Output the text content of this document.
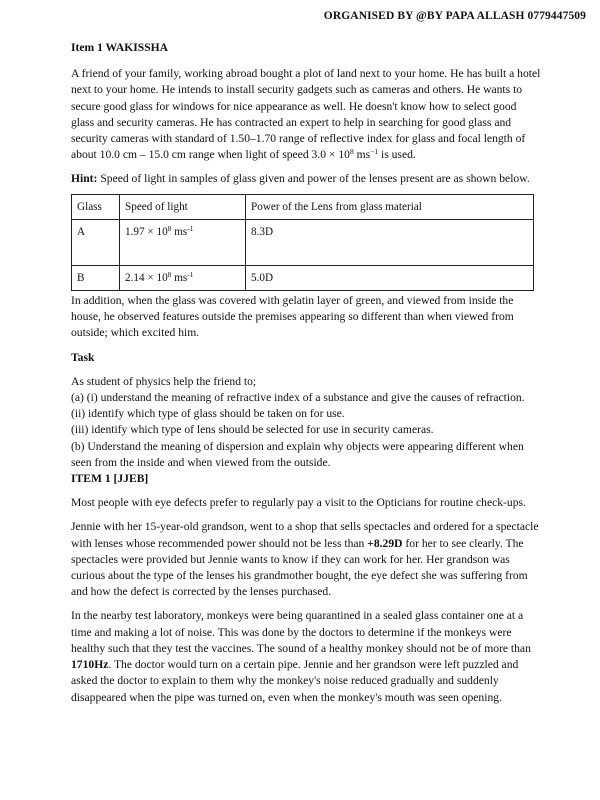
ORGANISED BY @BY PAPA ALLASH 0779447509
Item 1 WAKISSHA

A friend of your family, working abroad bought a plot of land next to your home. He has built a hotel next to your home. He intends to install security gadgets such as cameras and others. He wants to secure good glass for windows for nice appearance as well. He doesn't know how to select good glass and security cameras. He has contracted an expert to help in searching for good glass and security cameras with standard of 1.50–1.70 range of reflective index for glass and focal length of about 10.0 cm – 15.0 cm range when light of speed $3.0 \times 10^8$ $ms^{-1}$ is used.

Hint: Speed of light in samples of glass given and power of the lenses present are as shown below.

Glass	Speed of light	Power of the Lens from glass material
A	$1.97 \times 10^8$ $ms^{-1}$	8.3D
B	$2.14 \times 10^8$ $ms^{-1}$	5.0D

In addition, when the glass was covered with gelatin layer of green, and viewed from inside the house, he observed features outside the premises appearing so different than when viewed from outside; which excited him.

Task
As student of physics help the friend to;
(a) (i) understand the meaning of refractive index of a substance and give the causes of refraction.
(ii) identify which type of glass should be taken on for use.
(iii) identify which type of lens should be selected for use in security cameras.
(b) Understand the meaning of dispersion and explain why objects were appearing different when seen from the inside and when viewed from the outside.
ITEM 1 [JJEB]

Most people with eye defects prefer to regularly pay a visit to the Opticians for routine check-ups.

Jennie with her 15-year-old grandson, went to a shop that sells spectacles and ordered for a spectacle with lenses whose recommended power should not be less than +8.29D for her to see clearly. The spectacles were provided but Jennie wants to know if they can work for her. Her grandson was curious about the type of the lenses his grandmother bought, the eye defect she was suffering from and how the defect is corrected by the lenses purchased.

In the nearby test laboratory, monkeys were being quarantined in a sealed glass container one at a time and making a lot of noise. This was done by the doctors to determine if the monkeys were healthy such that they test the vaccines. The sound of a healthy monkey should not be of more than 1710Hz. The doctor would turn on a certain pipe. Jennie and her grandson were left puzzled and asked the doctor to explain to them why the monkey's noise reduced gradually and suddenly disappeared when the pipe was turned on, even when the monkey's mouth was seen opening.
